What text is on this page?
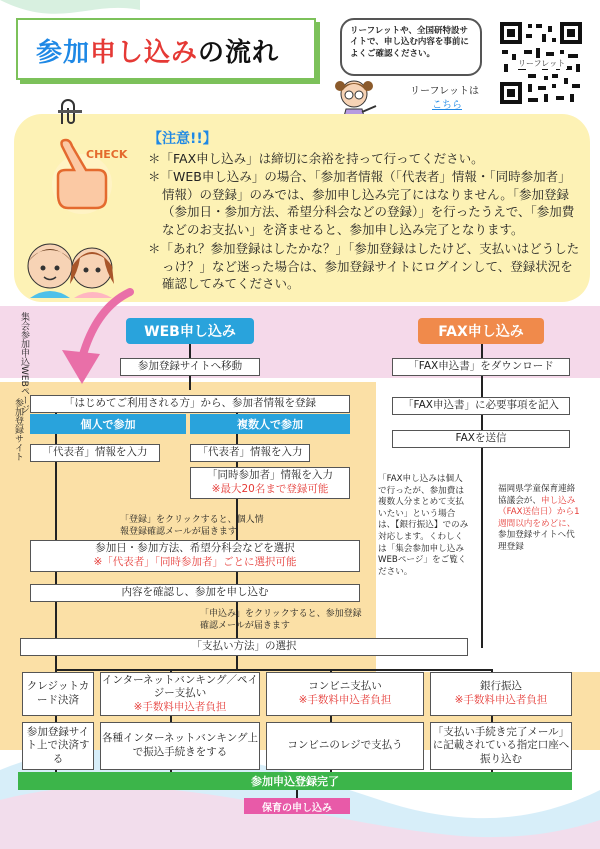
参加申し込みの流れ
リーフレットや、全国研特設サイトで、申し込む内容を事前によくご確認ください。
リーフレットは
こちら
リーフレット
CHECK
【注意!!】
＊「FAX申し込み」は締切に余裕を持って行ってください。
＊「WEB申し込み」の場合、「参加者情報（「代表者」情報・「同時参加者」情報）の登録」のみでは、参加申し込み完了にはなりません。「参加登録（参加日・参加方法、希望分科会などの登録）」を行ったうえで、「参加費などのお支払い」を済ませると、参加申し込み完了となります。
＊「あれ？参加登録はしたかな？」「参加登録はしたけど、支払いはどうしたっけ？」など迷った場合は、参加登録サイトにログインして、登録状況を確認してみてください。
集会参加申込WEBページ
参加登録サイト
WEB申し込み
参加登録サイトへ移動
「はじめてご利用される方」から、参加者情報を登録
個人で参加	複数人で参加
「代表者」情報を入力	「代表者」情報を入力
「同時参加者」情報を入力
※最大20名まで登録可能
「登録」をクリックすると、個人情報登録確認メールが届きます
参加日・参加方法、希望分科会などを選択
※「代表者」「同時参加者」ごとに選択可能
内容を確認し、参加を申し込む
「申込み」をクリックすると、参加登録確認メールが届きます
「支払い方法」の選択
FAX申し込み
「FAX申込書」をダウンロード
「FAX申込書」に必要事項を記入
FAXを送信
「FAX申し込みは個人で行ったが、参加費は複数人分まとめて支払いたい」という場合は、【銀行振込】でのみ対応します。くわしくは「集会参加申し込みWEBページ」をご覧ください。
福岡県学童保育連絡協議会が、申し込み（FAX送信日）から1週間以内をめどに、参加登録サイトへ代理登録
クレジットカード決済
インターネットバンキング／ペイジー支払い
※手数料申込者負担
コンビニ支払い
※手数料申込者負担
銀行振込
※手数料申込者負担
参加登録サイト上で決済する
各種インターネットバンキング上で振込手続きをする
コンビニのレジで支払う
「支払い手続き完了メール」に記載されている指定口座へ振り込む
参加申込登録完了
保育の申し込み
